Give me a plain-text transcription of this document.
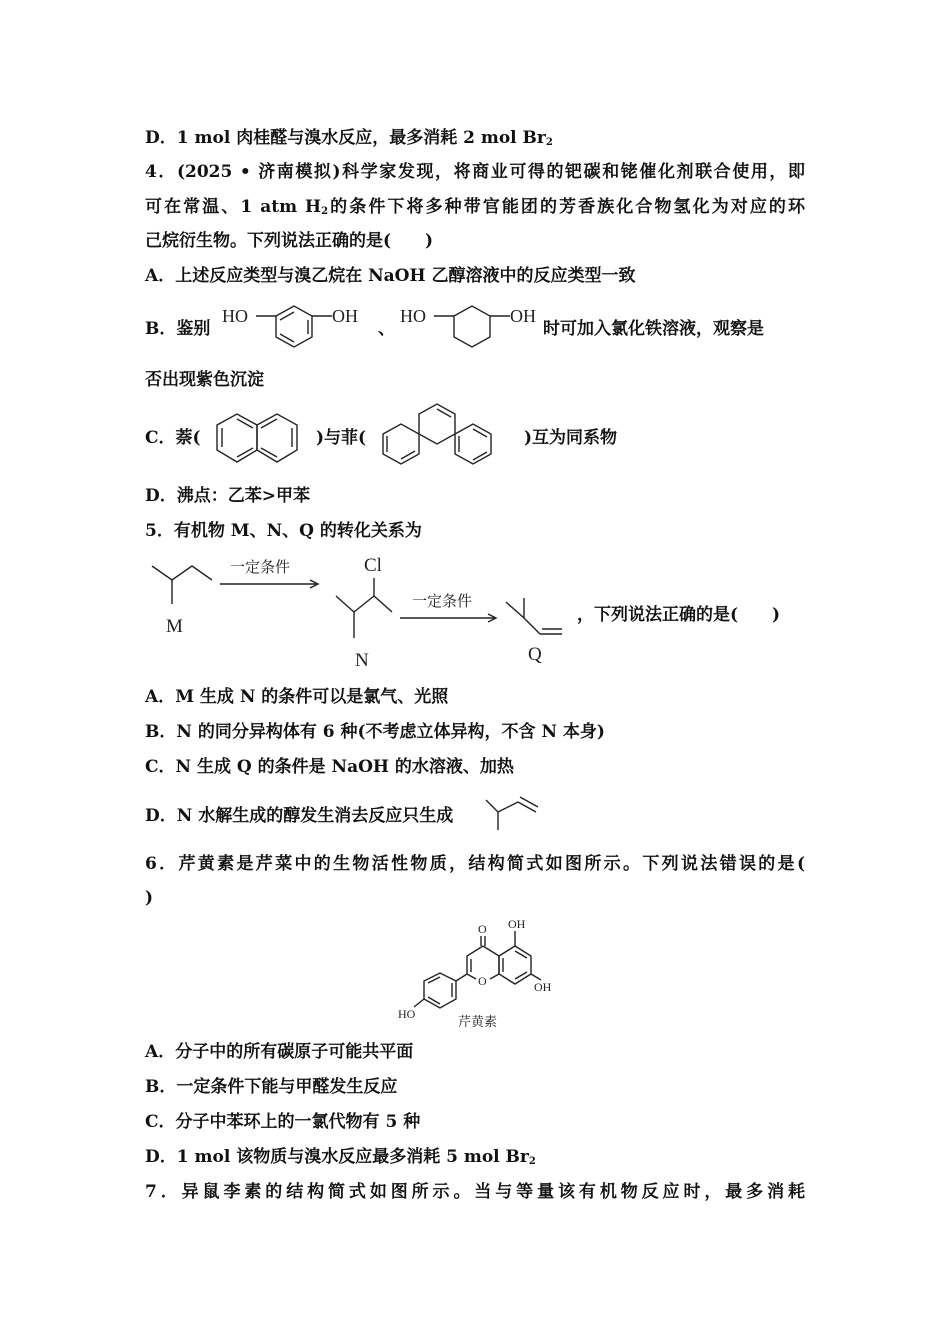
D．1 mol 肉桂醛与溴水反应，最多消耗 2 mol $Br_2$
4．(2025 • 济南模拟)科学家发现，将商业可得的钯碳和铑催化剂联合使用，即
可在常温、1 atm $H_2$的条件下将多种带官能团的芳香族化合物氢化为对应的环
己烷衍生物。下列说法正确的是(　　)
A．上述反应类型与溴乙烷在 NaOH 乙醇溶液中的反应类型一致
B．鉴别
HO	OH
、
HO	OH
时可加入氯化铁溶液，观察是
否出现紫色沉淀
C．萘(	)与菲(	)互为同系物
D．沸点：乙苯>甲苯
5．有机物 M、N、Q 的转化关系为
M
一定条件	Cl
N
一定条件
Q
，下列说法正确的是(　　)
A．M 生成 N 的条件可以是氯气、光照
B．N 的同分异构体有 6 种(不考虑立体异构，不含 N 本身)
C．N 生成 Q 的条件是 NaOH 的水溶液、加热
D．N 水解生成的醇发生消去反应只生成
6．芹黄素是芹菜中的生物活性物质，结构简式如图所示。下列说法错误的是(
)
O
O
OH
OH
HO	芹黄素
A．分子中的所有碳原子可能共平面
B．一定条件下能与甲醛发生反应
C．分子中苯环上的一氯代物有 5 种
D．1 mol 该物质与溴水反应最多消耗 5 mol $Br_2$
7．异鼠李素的结构简式如图所示。当与等量该有机物反应时，最多消耗
